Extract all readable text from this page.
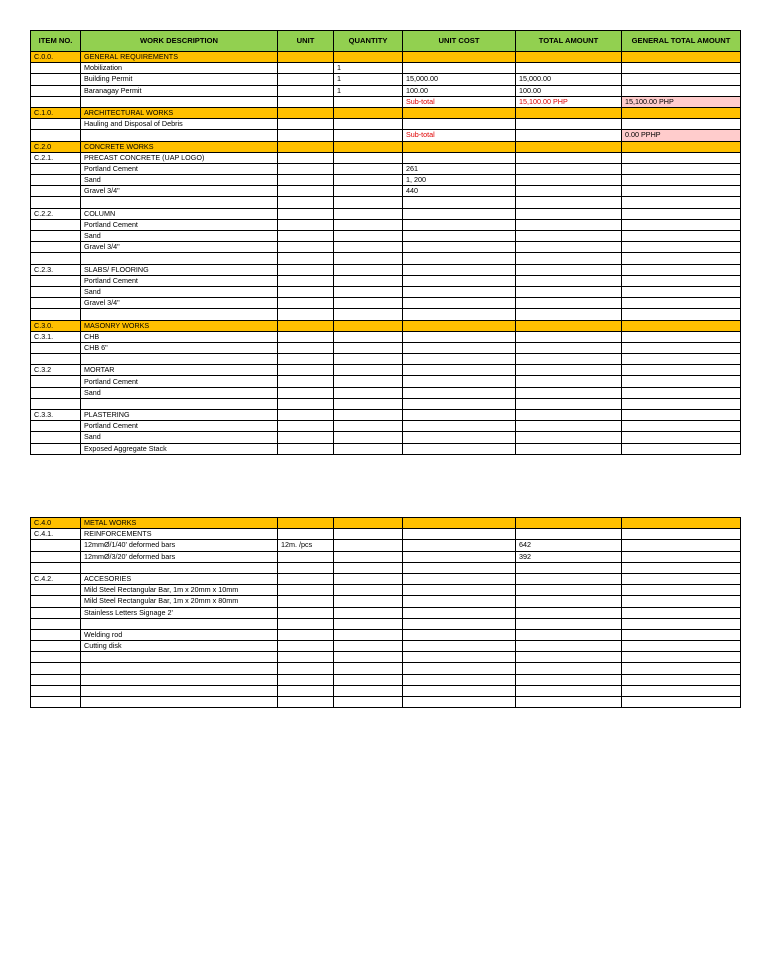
ITEM NO.	WORK DESCRIPTION	UNIT	QUANTITY	UNIT COST	TOTAL AMOUNT	GENERAL TOTAL AMOUNT
C.0.0.	GENERAL REQUIREMENTS					
	Mobilization		1			
	Building Permit		1	15,000.00	15,000.00	
	Baranagay Permit		1	100.00	100.00	
				Sub-total	15,100.00 PHP	15,100.00 PHP
C.1.0.	ARCHITECTURAL WORKS					
	Hauling and Disposal of Debris					
				Sub-total		0.00 PPHP
C.2.0	CONCRETE WORKS					
C.2.1.	PRECAST CONCRETE (UAP LOGO)					
	Portland Cement			261		
	Sand			1, 200		
	Gravel 3/4"			440		

C.2.2.	COLUMN					
	Portland Cement					
	Sand					
	Gravel 3/4"					

C.2.3.	SLABS/ FLOORING					
	Portland Cement					
	Sand					
	Gravel 3/4"					

C.3.0.	MASONRY WORKS					
C.3.1.	CHB					
	CHB 6"					

C.3.2	MORTAR					
	Portland Cement					
	Sand					

C.3.3.	PLASTERING					
	Portland Cement					
	Sand					
	Exposed Aggregate Stack					
C.4.0	METAL WORKS					
C.4.1.	REINFORCEMENTS					
	12mmØ/1/40' deformed bars	12m. /pcs			642	
	12mmØ/3/20' deformed bars				392	

C.4.2.	ACCESORIES					
	Mild Steel Rectangular Bar, 1m x 20mm x 10mm					
	Mild Steel Rectangular Bar, 1m x 20mm x 80mm					
	Stainless Letters Signage 2'					

	Welding rod					
	Cutting disk					
